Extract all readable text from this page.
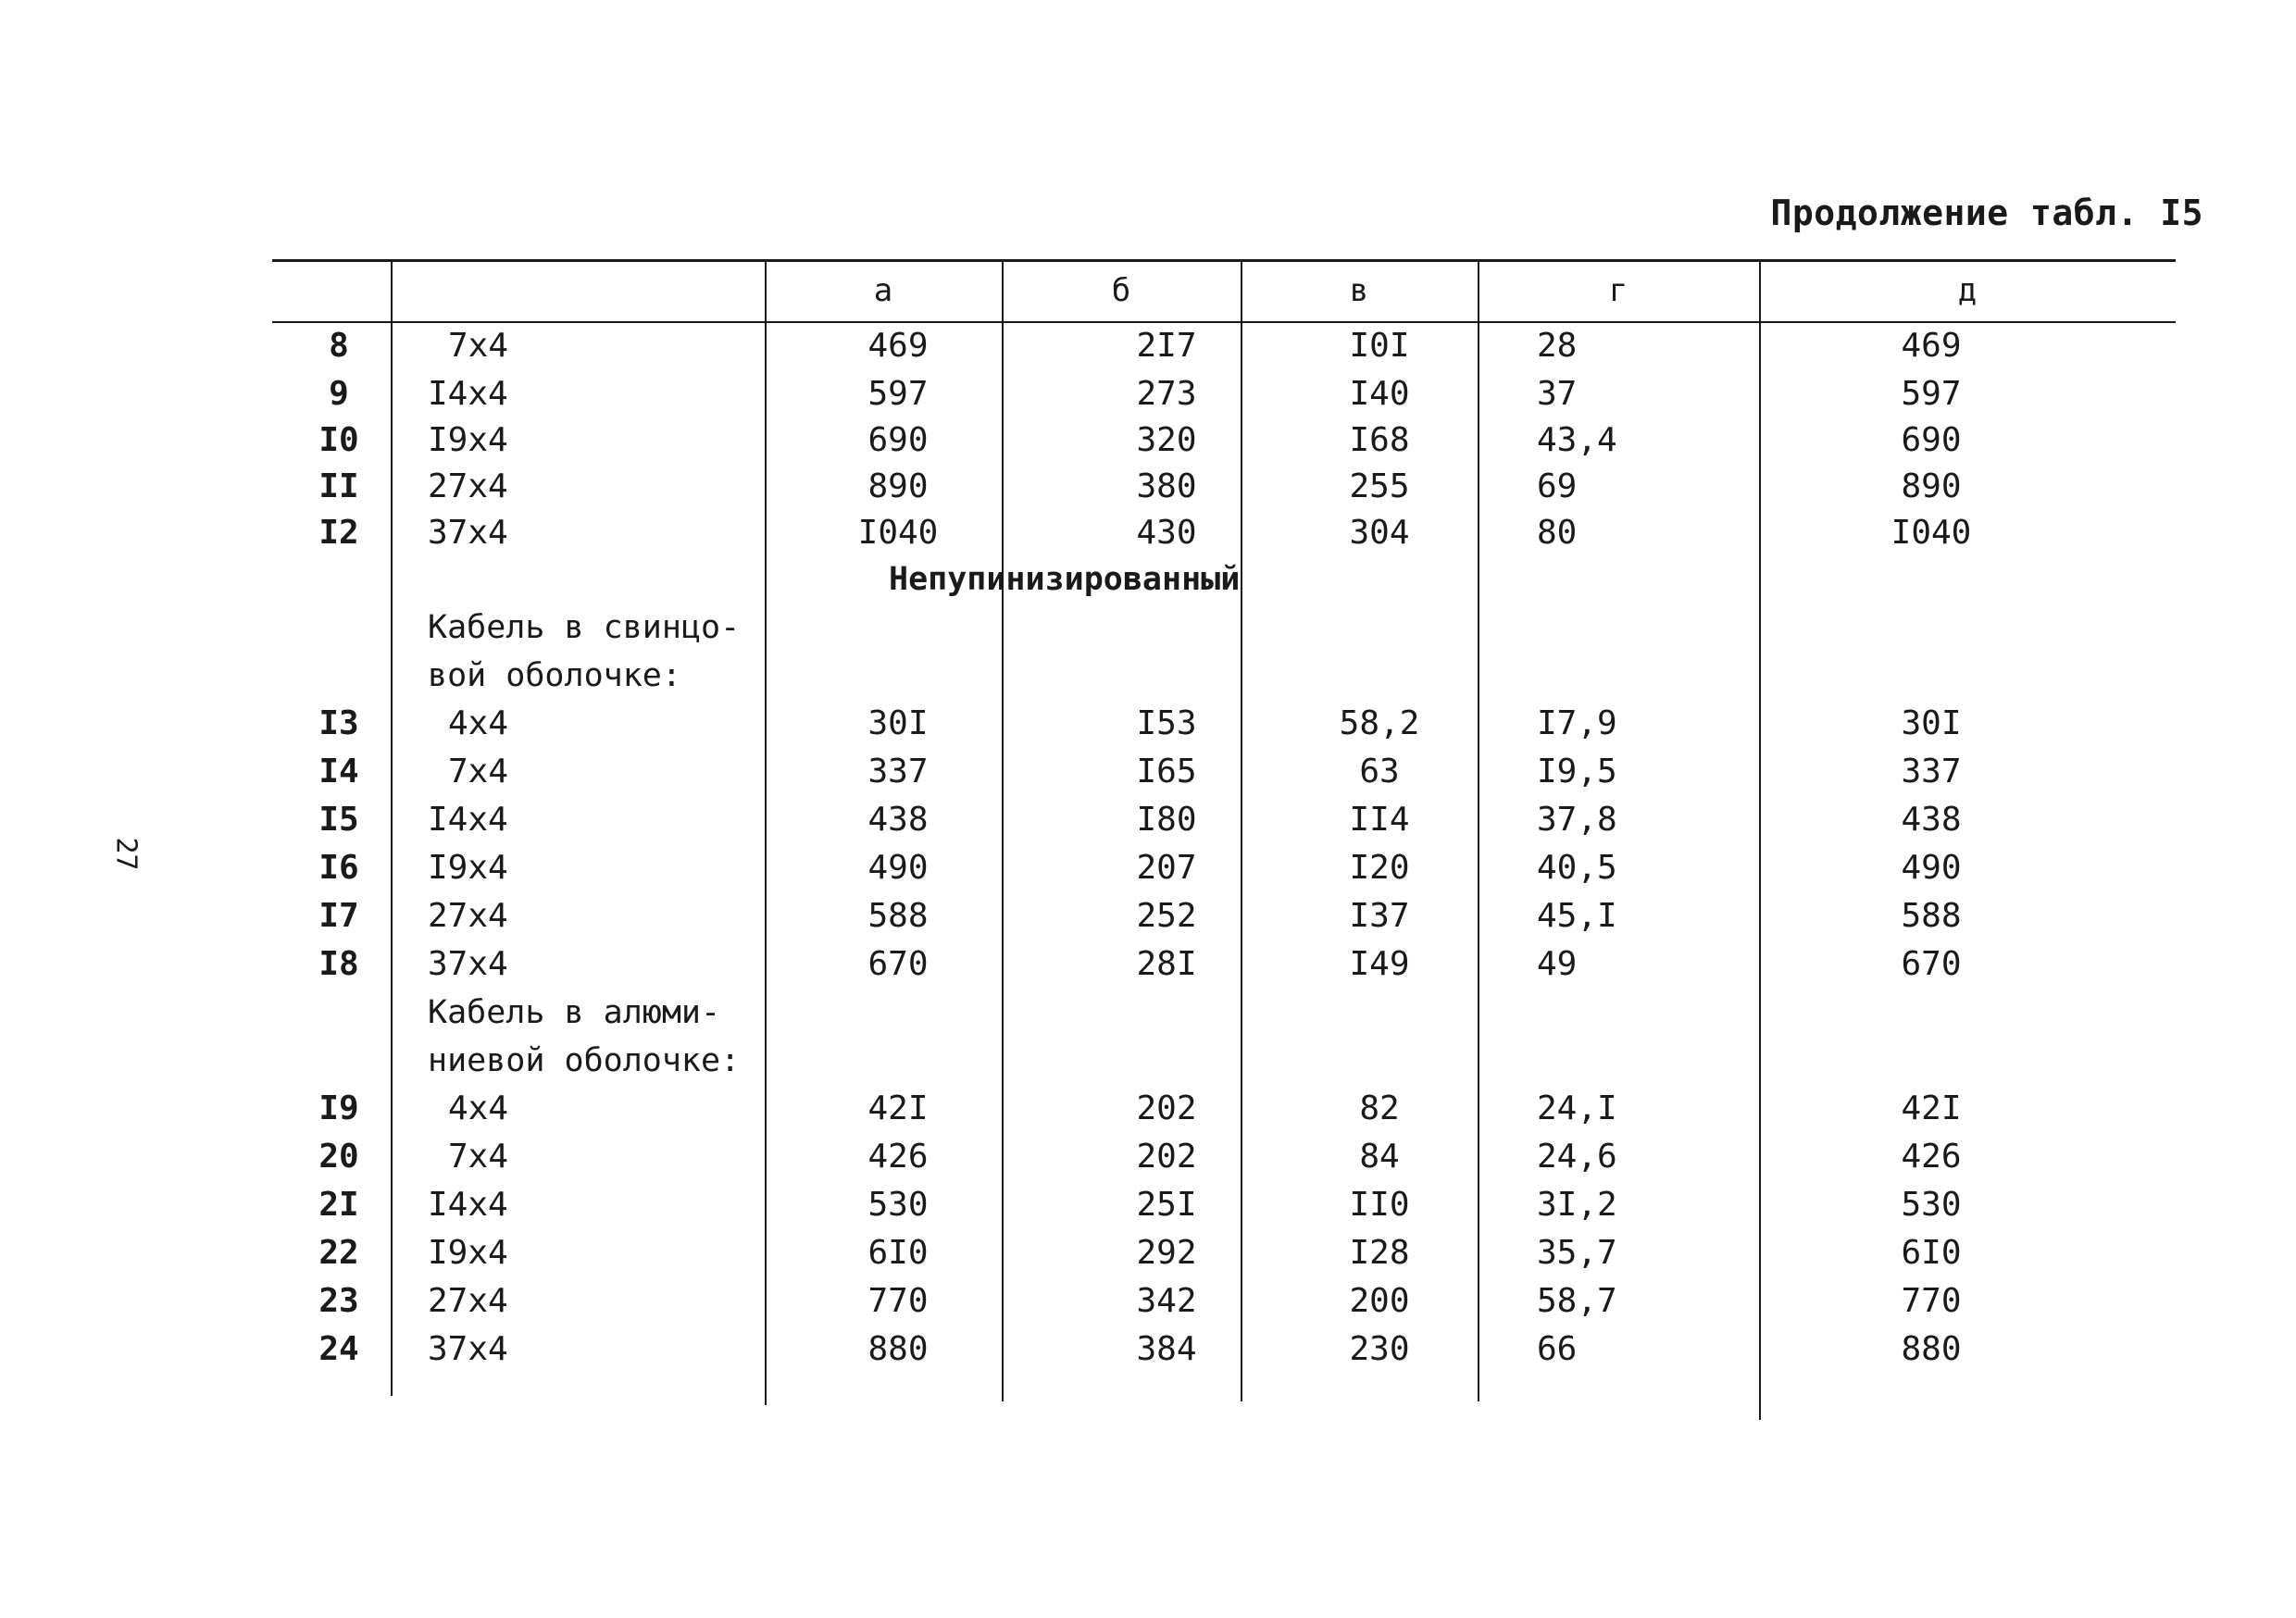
Продолжение табл. I5
27
а	б	в	г	д
8	7x4	469	2I7	I0I	28	469
9	I4x4	597	273	I40	37	597
I0 I9x4	690	320	I68	43,4	690
II 27x4	890	380	255	69	890
I2 37x4	I040	430	304	80	I040
Непупинизированный
Кабель в свинцо-
вой оболочке:
I3	4x4	30I	I53	58,2	I7,9	30I
I4	7x4	337	I65	63	I9,5	337
I5 I4x4	438	I80	II4	37,8	438
I6 I9x4	490	207	I20	40,5	490
I7 27x4	588	252	I37	45,I	588
I8 37x4	670	28I	I49	49	670
Кабель в алюми-
ниевой оболочке:
I9	4x4	42I	202	82	24,I	42I
20	7x4	426	202	84	24,6	426
2I I4x4	530	25I	II0	3I,2	530
22 I9x4	6I0	292	I28	35,7	6I0
23 27x4	770	342	200	58,7	770
24 37x4	880	384	230	66	880
